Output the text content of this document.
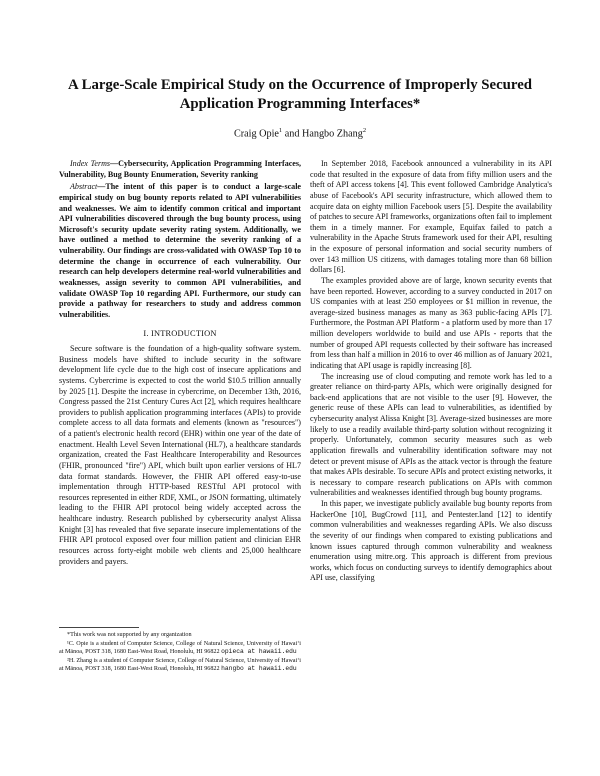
A Large-Scale Empirical Study on the Occurrence of Improperly Secured Application Programming Interfaces*

Craig Opie$^1$ and Hangbo Zhang$^2$

Index Terms—Cybersecurity, Application Programming Interfaces, Vulnerability, Bug Bounty Enumeration, Severity ranking

Abstract—The intent of this paper is to conduct a large-scale empirical study on bug bounty reports related to API vulnerabilities and weaknesses. We aim to identify common critical and important API vulnerabilities discovered through the bug bounty process, using Microsoft's security update severity rating system. Additionally, we have outlined a method to determine the severity ranking of a vulnerability. Our findings are cross-validated with OWASP Top 10 to determine the change in occurrence of each vulnerability. Our research can help developers determine real-world vulnerabilities and weaknesses, assign severity to common API vulnerabilities, and validate OWASP Top 10 regarding API. Furthermore, our study can provide a pathway for researchers to study and address common vulnerabilities.

I. INTRODUCTION

Secure software is the foundation of a high-quality software system. Business models have shifted to include security in the software development life cycle due to the high cost of insecure applications and systems. Cybercrime is expected to cost the world $10.5 trillion annually by 2025 [1]. Despite the increase in cybercrime, on December 13th, 2016, Congress passed the 21st Century Cures Act [2], which requires healthcare providers to publish application programming interfaces (APIs) to provide complete access to all data formats and elements (known as "resources") of a patient's electronic health record (EHR) within one year of the date of enactment. Health Level Seven International (HL7), a healthcare standards organization, created the Fast Healthcare Interoperability and Resources (FHIR, pronounced "fire") API, which built upon earlier versions of HL7 data format standards. However, the FHIR API offered easy-to-use implementation through HTTP-based RESTful API protocol with resources represented in either RDF, XML, or JSON formatting, ultimately leading to the FHIR API protocol being widely accepted across the healthcare industry. Research published by cybersecurity analyst Alissa Knight [3] has revealed that five separate insecure implementations of the FHIR API protocol exposed over four million patient and clinician EHR resources across forty-eight mobile web clients and 25,000 healthcare providers and payers.

*This work was not supported by any organization

¹C. Opie is a student of Computer Science, College of Natural Science, University of Hawaiʻi at Mānoa, POST 318, 1680 East-West Road, Honolulu, HI 96822 opieca at hawaii.edu

²H. Zhang is a student of Computer Science, College of Natural Science, University of Hawaiʻi at Mānoa, POST 318, 1680 East-West Road, Honolulu, HI 96822 hangbo at hawaii.edu

In September 2018, Facebook announced a vulnerability in its API code that resulted in the exposure of data from fifty million users and the theft of API access tokens [4]. This event followed Cambridge Analytica's abuse of Facebook's API security infrastructure, which allowed them to acquire data on eighty million Facebook users [5]. Despite the availability of patches to secure API frameworks, organizations often fail to implement them in a timely manner. For example, Equifax failed to patch a vulnerability in the Apache Struts framework used for their API, resulting in the exposure of personal information and social security numbers of over 143 million US citizens, with damages totaling more than 68 billion dollars [6].

The examples provided above are of large, known security events that have been reported. However, according to a survey conducted in 2017 on US companies with at least 250 employees or $1 million in revenue, the average-sized business manages as many as 363 public-facing APIs [7]. Furthermore, the Postman API Platform - a platform used by more than 17 million developers worldwide to build and use APIs - reports that the number of grouped API requests collected by their software has increased from less than half a million in 2016 to over 46 million as of January 2021, indicating that API usage is rapidly increasing [8].

The increasing use of cloud computing and remote work has led to a greater reliance on third-party APIs, which were originally designed for back-end applications that are not visible to the user [9]. However, the generic reuse of these APIs can lead to vulnerabilities, as identified by cybersecurity analyst Alissa Knight [3]. Average-sized businesses are more likely to use a readily available third-party solution without recognizing it properly. Unfortunately, common security measures such as web application firewalls and vulnerability identification software may not detect or prevent misuse of APIs as the attack vector is through the feature that makes APIs desirable. To secure APIs and protect existing networks, it is necessary to compare research publications on APIs with common vulnerabilities and weaknesses identified through bug bounty programs.

In this paper, we investigate publicly available bug bounty reports from HackerOne [10], BugCrowd [11], and Pentester.land [12] to identify common vulnerabilities and weaknesses regarding APIs. We also discuss the severity of our findings when compared to existing publications and known issues captured through common vulnerability and weakness enumeration using mitre.org. This approach is different from previous works, which focus on conducting surveys to identify demographics about API use, classifying
